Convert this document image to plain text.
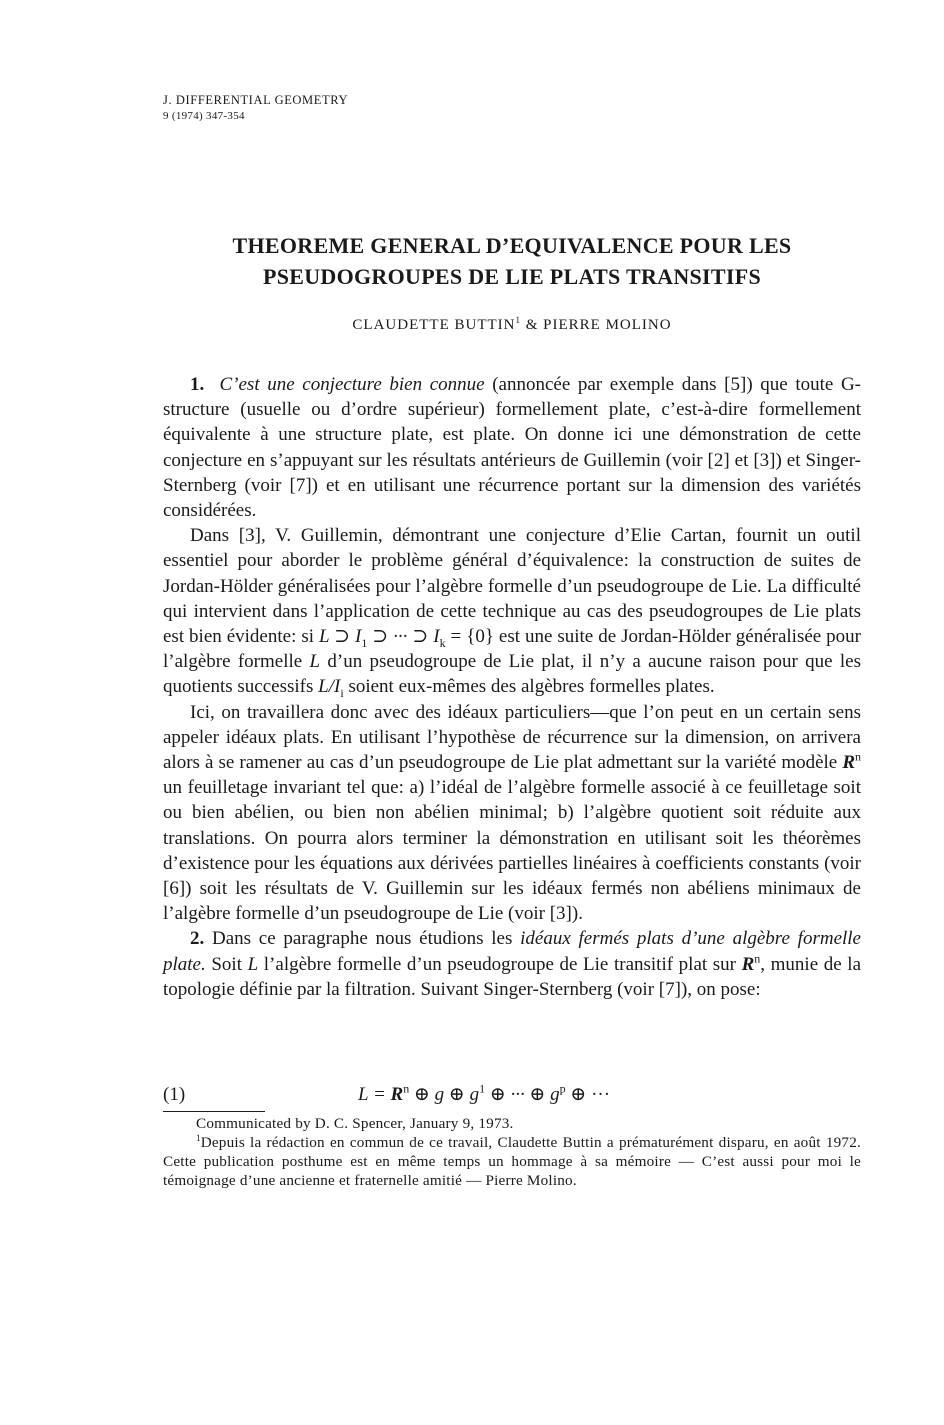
J. DIFFERENTIAL GEOMETRY
9 (1974) 347-354
THEOREME GENERAL D’EQUIVALENCE POUR LES
PSEUDOGROUPES DE LIE PLATS TRANSITIFS
CLAUDETTE BUTTIN$^1$ & PIERRE MOLINO

1. C’est une conjecture bien connue (annoncée par exemple dans [5]) que toute G-structure (usuelle ou d’ordre supérieur) formellement plate, c’est-à-dire formellement équivalente à une structure plate, est plate. On donne ici une démonstration de cette conjecture en s’appuyant sur les résultats antérieurs de Guillemin (voir [2] et [3]) et Singer-Sternberg (voir [7]) et en utilisant une récurrence portant sur la dimension des variétés considérées.

Dans [3], V. Guillemin, démontrant une conjecture d’Elie Cartan, fournit un outil essentiel pour aborder le problème général d’équivalence: la construction de suites de Jordan-Hölder généralisées pour l’algèbre formelle d’un pseudogroupe de Lie. La difficulté qui intervient dans l’application de cette technique au cas des pseudogroupes de Lie plats est bien évidente: si L ⊃ $I_1$ ⊃ ··· ⊃ $I_k = \{0\}$ est une suite de Jordan-Hölder généralisée pour l’algèbre formelle L d’un pseudogroupe de Lie plat, il n’y a aucune raison pour que les quotients successifs $L/I_i$ soient eux-mêmes des algèbres formelles plates.

Ici, on travaillera donc avec des idéaux particuliers—que l’on peut en un certain sens appeler idéaux plats. En utilisant l’hypothèse de récurrence sur la dimension, on arrivera alors à se ramener au cas d’un pseudogroupe de Lie plat admettant sur la variété modèle $R^n$ un feuilletage invariant tel que: a) l’idéal de l’algèbre formelle associé à ce feuilletage soit ou bien abélien, ou bien non abélien minimal; b) l’algèbre quotient soit réduite aux translations. On pourra alors terminer la démonstration en utilisant soit les théorèmes d’existence pour les équations aux dérivées partielles linéaires à coefficients constants (voir [6]) soit les résultats de V. Guillemin sur les idéaux fermés non abéliens minimaux de l’algèbre formelle d’un pseudogroupe de Lie (voir [3]).

2. Dans ce paragraphe nous étudions les idéaux fermés plats d’une algèbre formelle plate. Soit L l’algèbre formelle d’un pseudogroupe de Lie transitif plat sur $R^n$, munie de la topologie définie par la filtration. Suivant Singer-Sternberg (voir [7]), on pose:

(1)	$L = R^n$ ⊕ g ⊕ $g^1$ ⊕ ··· ⊕ $g^p$ ⊕ ···

Communicated by D. C. Spencer, January 9, 1973.

$^1$Depuis la rédaction en commun de ce travail, Claudette Buttin a prématurément disparu, en août 1972. Cette publication posthume est en même temps un hommage à sa mémoire — C’est aussi pour moi le témoignage d’une ancienne et fraternelle amitié — Pierre Molino.
